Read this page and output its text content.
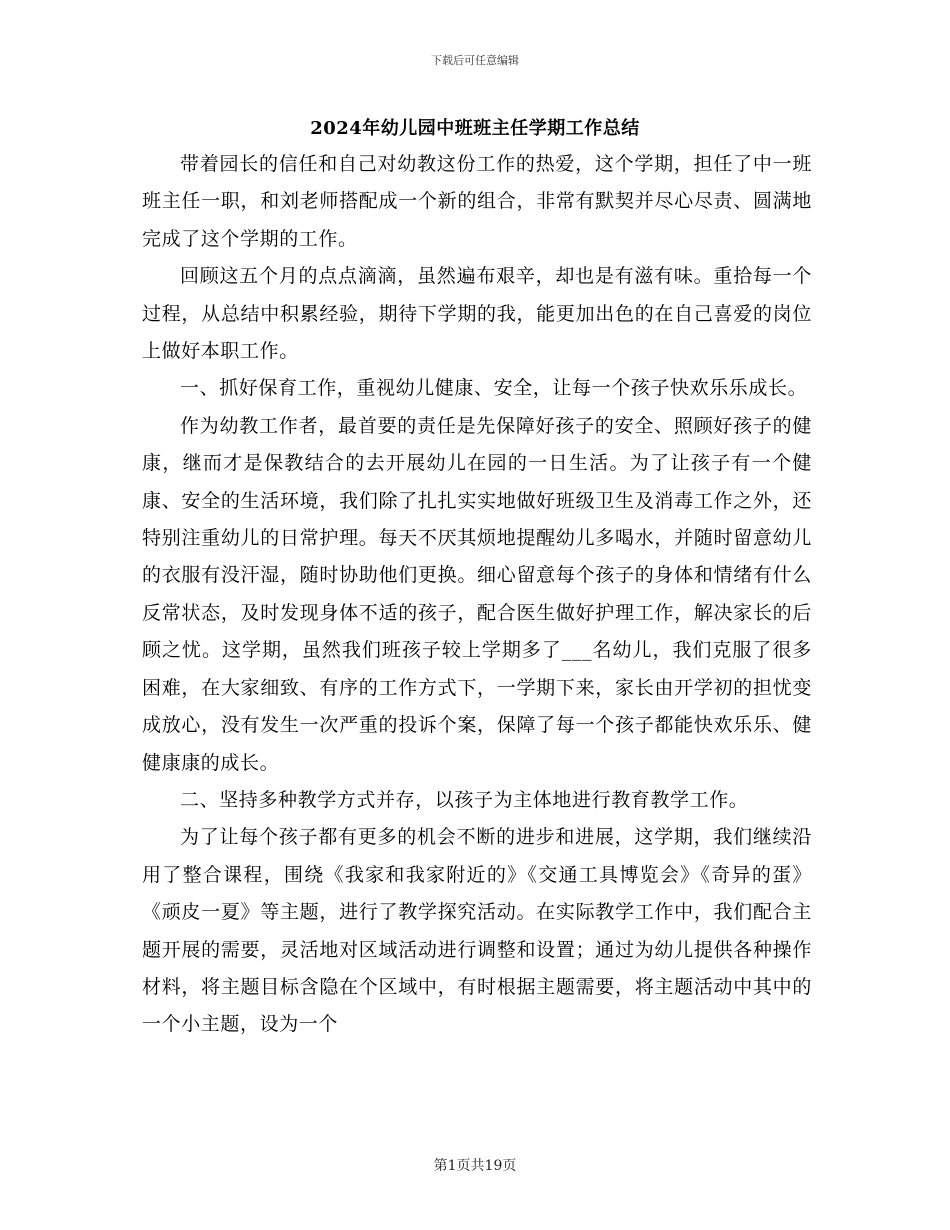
下载后可任意编辑
2024年幼儿园中班班主任学期工作总结

带着园长的信任和自己对幼教这份工作的热爱，这个学期，担任了中一班班主任一职，和刘老师搭配成一个新的组合，非常有默契并尽心尽责、圆满地完成了这个学期的工作。

回顾这五个月的点点滴滴，虽然遍布艰辛，却也是有滋有味。重拾每一个过程，从总结中积累经验，期待下学期的我，能更加出色的在自己喜爱的岗位上做好本职工作。

一、抓好保育工作，重视幼儿健康、安全，让每一个孩子快欢乐乐成长。

作为幼教工作者，最首要的责任是先保障好孩子的安全、照顾好孩子的健康，继而才是保教结合的去开展幼儿在园的一日生活。为了让孩子有一个健康、安全的生活环境，我们除了扎扎实实地做好班级卫生及消毒工作之外，还特别注重幼儿的日常护理。每天不厌其烦地提醒幼儿多喝水，并随时留意幼儿的衣服有没汗湿，随时协助他们更换。细心留意每个孩子的身体和情绪有什么反常状态，及时发现身体不适的孩子，配合医生做好护理工作，解决家长的后顾之忧。这学期，虽然我们班孩子较上学期多了___名幼儿，我们克服了很多困难，在大家细致、有序的工作方式下，一学期下来，家长由开学初的担忧变成放心，没有发生一次严重的投诉个案，保障了每一个孩子都能快欢乐乐、健健康康的成长。

二、坚持多种教学方式并存，以孩子为主体地进行教育教学工作。

为了让每个孩子都有更多的机会不断的进步和进展，这学期，我们继续沿用了整合课程，围绕《我家和我家附近的》《交通工具博览会》《奇异的蛋》《顽皮一夏》等主题，进行了教学探究活动。在实际教学工作中，我们配合主题开展的需要，灵活地对区域活动进行调整和设置；通过为幼儿提供各种操作材料，将主题目标含隐在个区域中，有时根据主题需要，将主题活动中其中的一个小主题，设为一个

第1页共19页
